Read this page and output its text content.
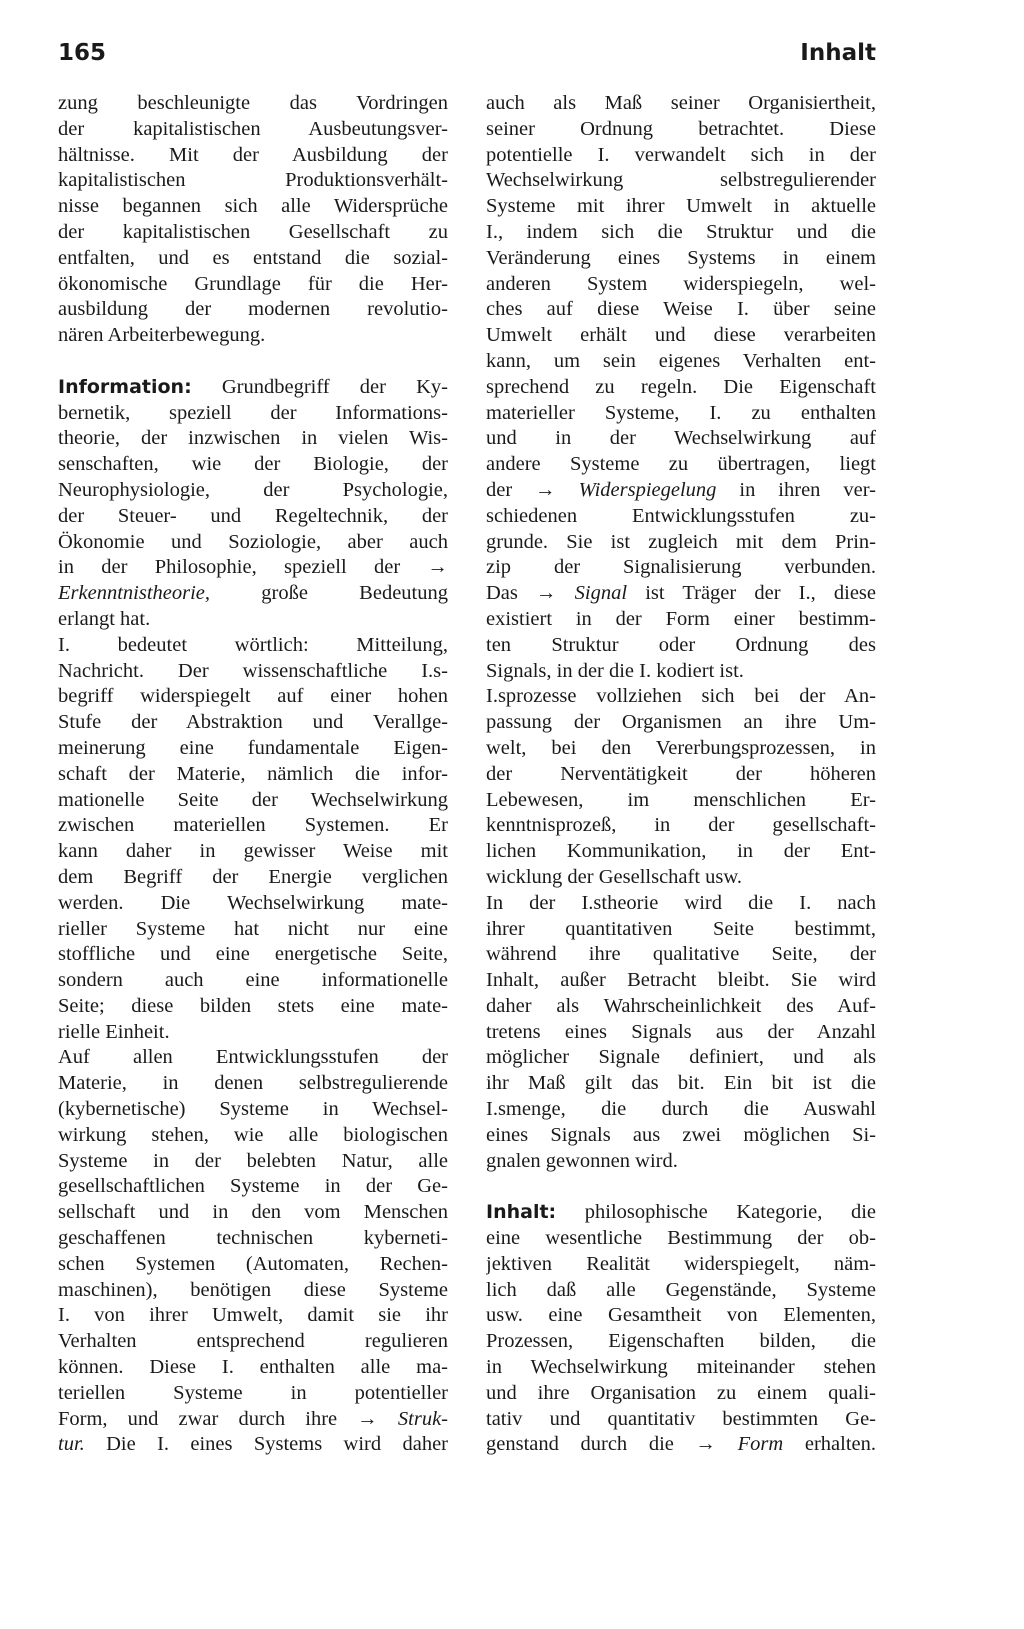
165	Inhalt
zung beschleunigte das Vordringen
der kapitalistischen Ausbeutungsver-
hältnisse. Mit der Ausbildung der
kapitalistischen Produktionsverhält-
nisse begannen sich alle Widersprüche
der kapitalistischen Gesellschaft zu
entfalten, und es entstand die sozial-
ökonomische Grundlage für die Her-
ausbildung der modernen revolutio-
nären Arbeiterbewegung.
Information: Grundbegriff der Ky-
bernetik, speziell der Informations-
theorie, der inzwischen in vielen Wis-
senschaften, wie der Biologie, der
Neurophysiologie, der Psychologie,
der Steuer- und Regeltechnik, der
Ökonomie und Soziologie, aber auch
in der Philosophie, speziell der →
Erkenntnistheorie, große Bedeutung
erlangt hat.
I. bedeutet wörtlich: Mitteilung,
Nachricht. Der wissenschaftliche I.s-
begriff widerspiegelt auf einer hohen
Stufe der Abstraktion und Verallge-
meinerung eine fundamentale Eigen-
schaft der Materie, nämlich die infor-
mationelle Seite der Wechselwirkung
zwischen materiellen Systemen. Er
kann daher in gewisser Weise mit
dem Begriff der Energie verglichen
werden. Die Wechselwirkung mate-
rieller Systeme hat nicht nur eine
stoffliche und eine energetische Seite,
sondern auch eine informationelle
Seite; diese bilden stets eine mate-
rielle Einheit.
Auf allen Entwicklungsstufen der
Materie, in denen selbstregulierende
(kybernetische) Systeme in Wechsel-
wirkung stehen, wie alle biologischen
Systeme in der belebten Natur, alle
gesellschaftlichen Systeme in der Ge-
sellschaft und in den vom Menschen
geschaffenen technischen kyberneti-
schen Systemen (Automaten, Rechen-
maschinen), benötigen diese Systeme
I. von ihrer Umwelt, damit sie ihr
Verhalten entsprechend regulieren
können. Diese I. enthalten alle ma-
teriellen Systeme in potentieller
Form, und zwar durch ihre → Struk-
tur. Die I. eines Systems wird daher
auch als Maß seiner Organisiertheit,
seiner Ordnung betrachtet. Diese
potentielle I. verwandelt sich in der
Wechselwirkung selbstregulierender
Systeme mit ihrer Umwelt in aktuelle
I., indem sich die Struktur und die
Veränderung eines Systems in einem
anderen System widerspiegeln, wel-
ches auf diese Weise I. über seine
Umwelt erhält und diese verarbeiten
kann, um sein eigenes Verhalten ent-
sprechend zu regeln. Die Eigenschaft
materieller Systeme, I. zu enthalten
und in der Wechselwirkung auf
andere Systeme zu übertragen, liegt
der → Widerspiegelung in ihren ver-
schiedenen Entwicklungsstufen zu-
grunde. Sie ist zugleich mit dem Prin-
zip der Signalisierung verbunden.
Das → Signal ist Träger der I., diese
existiert in der Form einer bestimm-
ten Struktur oder Ordnung des
Signals, in der die I. kodiert ist.
I.sprozesse vollziehen sich bei der An-
passung der Organismen an ihre Um-
welt, bei den Vererbungsprozessen, in
der Nerventätigkeit der höheren
Lebewesen, im menschlichen Er-
kenntnisprozeß, in der gesellschaft-
lichen Kommunikation, in der Ent-
wicklung der Gesellschaft usw.
In der I.stheorie wird die I. nach
ihrer quantitativen Seite bestimmt,
während ihre qualitative Seite, der
Inhalt, außer Betracht bleibt. Sie wird
daher als Wahrscheinlichkeit des Auf-
tretens eines Signals aus der Anzahl
möglicher Signale definiert, und als
ihr Maß gilt das bit. Ein bit ist die
I.smenge, die durch die Auswahl
eines Signals aus zwei möglichen Si-
gnalen gewonnen wird.
Inhalt: philosophische Kategorie, die
eine wesentliche Bestimmung der ob-
jektiven Realität widerspiegelt, näm-
lich daß alle Gegenstände, Systeme
usw. eine Gesamtheit von Elementen,
Prozessen, Eigenschaften bilden, die
in Wechselwirkung miteinander stehen
und ihre Organisation zu einem quali-
tativ und quantitativ bestimmten Ge-
genstand durch die → Form erhalten.
